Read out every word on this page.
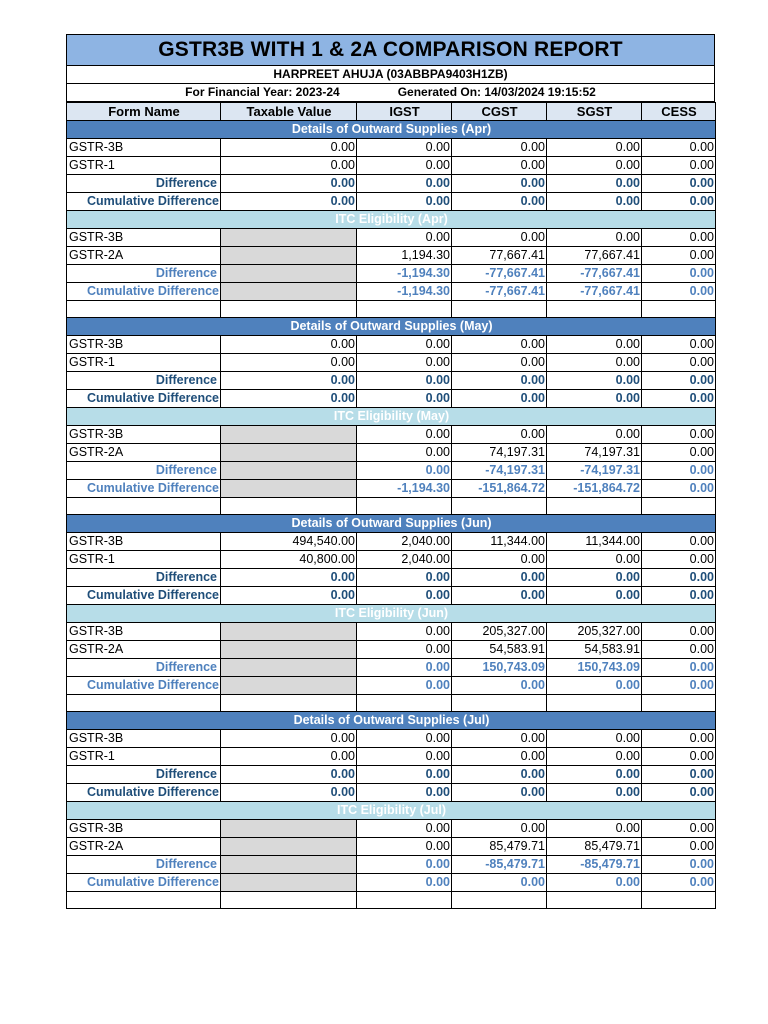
GSTR3B WITH 1 & 2A COMPARISON REPORT
HARPREET AHUJA (03ABBPA9403H1ZB)
For Financial Year: 2023-24	Generated On: 14/03/2024 19:15:52
Form Name	Taxable Value	IGST	CGST	SGST	CESS
Details of Outward Supplies (Apr)					
GSTR-3B	0.00	0.00	0.00	0.00	0.00
GSTR-1	0.00	0.00	0.00	0.00	0.00
Difference	0.00	0.00	0.00	0.00	0.00
Cumulative Difference	0.00	0.00	0.00	0.00	0.00
ITC Eligibility (Apr)					
GSTR-3B		0.00	0.00	0.00	0.00
GSTR-2A		1,194.30	77,667.41	77,667.41	0.00
Difference		-1,194.30	-77,667.41	-77,667.41	0.00
Cumulative Difference		-1,194.30	-77,667.41	-77,667.41	0.00

Details of Outward Supplies (May)					
GSTR-3B	0.00	0.00	0.00	0.00	0.00
GSTR-1	0.00	0.00	0.00	0.00	0.00
Difference	0.00	0.00	0.00	0.00	0.00
Cumulative Difference	0.00	0.00	0.00	0.00	0.00
ITC Eligibility (May)					
GSTR-3B		0.00	0.00	0.00	0.00
GSTR-2A		0.00	74,197.31	74,197.31	0.00
Difference		0.00	-74,197.31	-74,197.31	0.00
Cumulative Difference		-1,194.30	-151,864.72	-151,864.72	0.00

Details of Outward Supplies (Jun)					
GSTR-3B	494,540.00	2,040.00	11,344.00	11,344.00	0.00
GSTR-1	40,800.00	2,040.00	0.00	0.00	0.00
Difference	0.00	0.00	0.00	0.00	0.00
Cumulative Difference	0.00	0.00	0.00	0.00	0.00
ITC Eligibility (Jun)					
GSTR-3B		0.00	205,327.00	205,327.00	0.00
GSTR-2A		0.00	54,583.91	54,583.91	0.00
Difference		0.00	150,743.09	150,743.09	0.00
Cumulative Difference		0.00	0.00	0.00	0.00

Details of Outward Supplies (Jul)					
GSTR-3B	0.00	0.00	0.00	0.00	0.00
GSTR-1	0.00	0.00	0.00	0.00	0.00
Difference	0.00	0.00	0.00	0.00	0.00
Cumulative Difference	0.00	0.00	0.00	0.00	0.00
ITC Eligibility (Jul)					
GSTR-3B		0.00	0.00	0.00	0.00
GSTR-2A		0.00	85,479.71	85,479.71	0.00
Difference		0.00	-85,479.71	-85,479.71	0.00
Cumulative Difference		0.00	0.00	0.00	0.00
